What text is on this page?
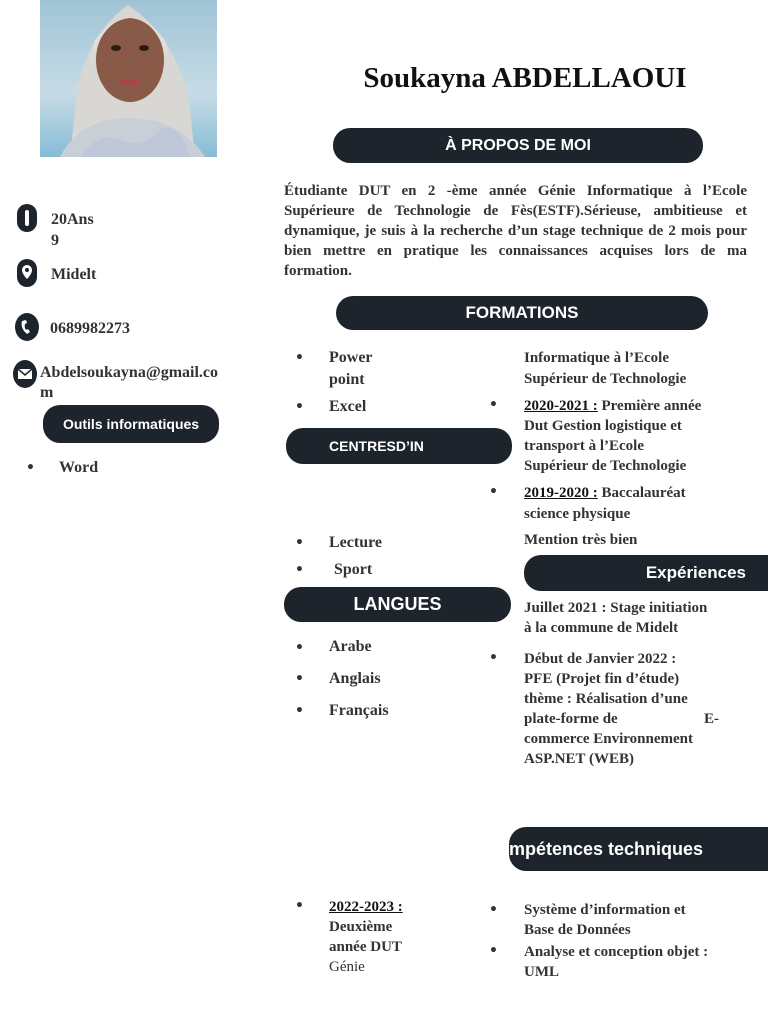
Soukayna ABDELLAOUI
À PROPOS DE MOI
Étudiante DUT en 2 -ème année Génie Informatique à l’Ecole Supérieure de Technologie de Fès(ESTF).Sérieuse, ambitieuse et dynamique, je suis à la recherche d’un stage technique de 2 mois pour bien mettre en pratique les connaissances acquises lors de ma formation.
20Ans
9
Midelt
0689982273
Abdelsoukayna@gmail.co
m
Outils informatiques
• Word
• Power
point
• Excel
CENTRESD’IN
• Lecture
• Sport
LANGUES
• Arabe
• Anglais
• Français
FORMATIONS
• 2022-2023 :
Deuxième
année DUT
Génie
Informatique à l’Ecole
Supérieur de Technologie
• 2020-2021 : Première année
Dut Gestion logistique et
transport à l’Ecole
Supérieur de Technologie
• 2019-2020 : Baccalauréat
science physique
Mention très bien
Expériences
Juillet 2021 : Stage initiation
à la commune de Midelt
• Début de Janvier 2022 :
PFE (Projet fin d’étude)
thème : Réalisation d’une
plate-forme de	E-
commerce Environnement
ASP.NET (WEB)
mpétences techniques
• Système d’information et
Base de Données
• Analyse et conception objet :
UML
